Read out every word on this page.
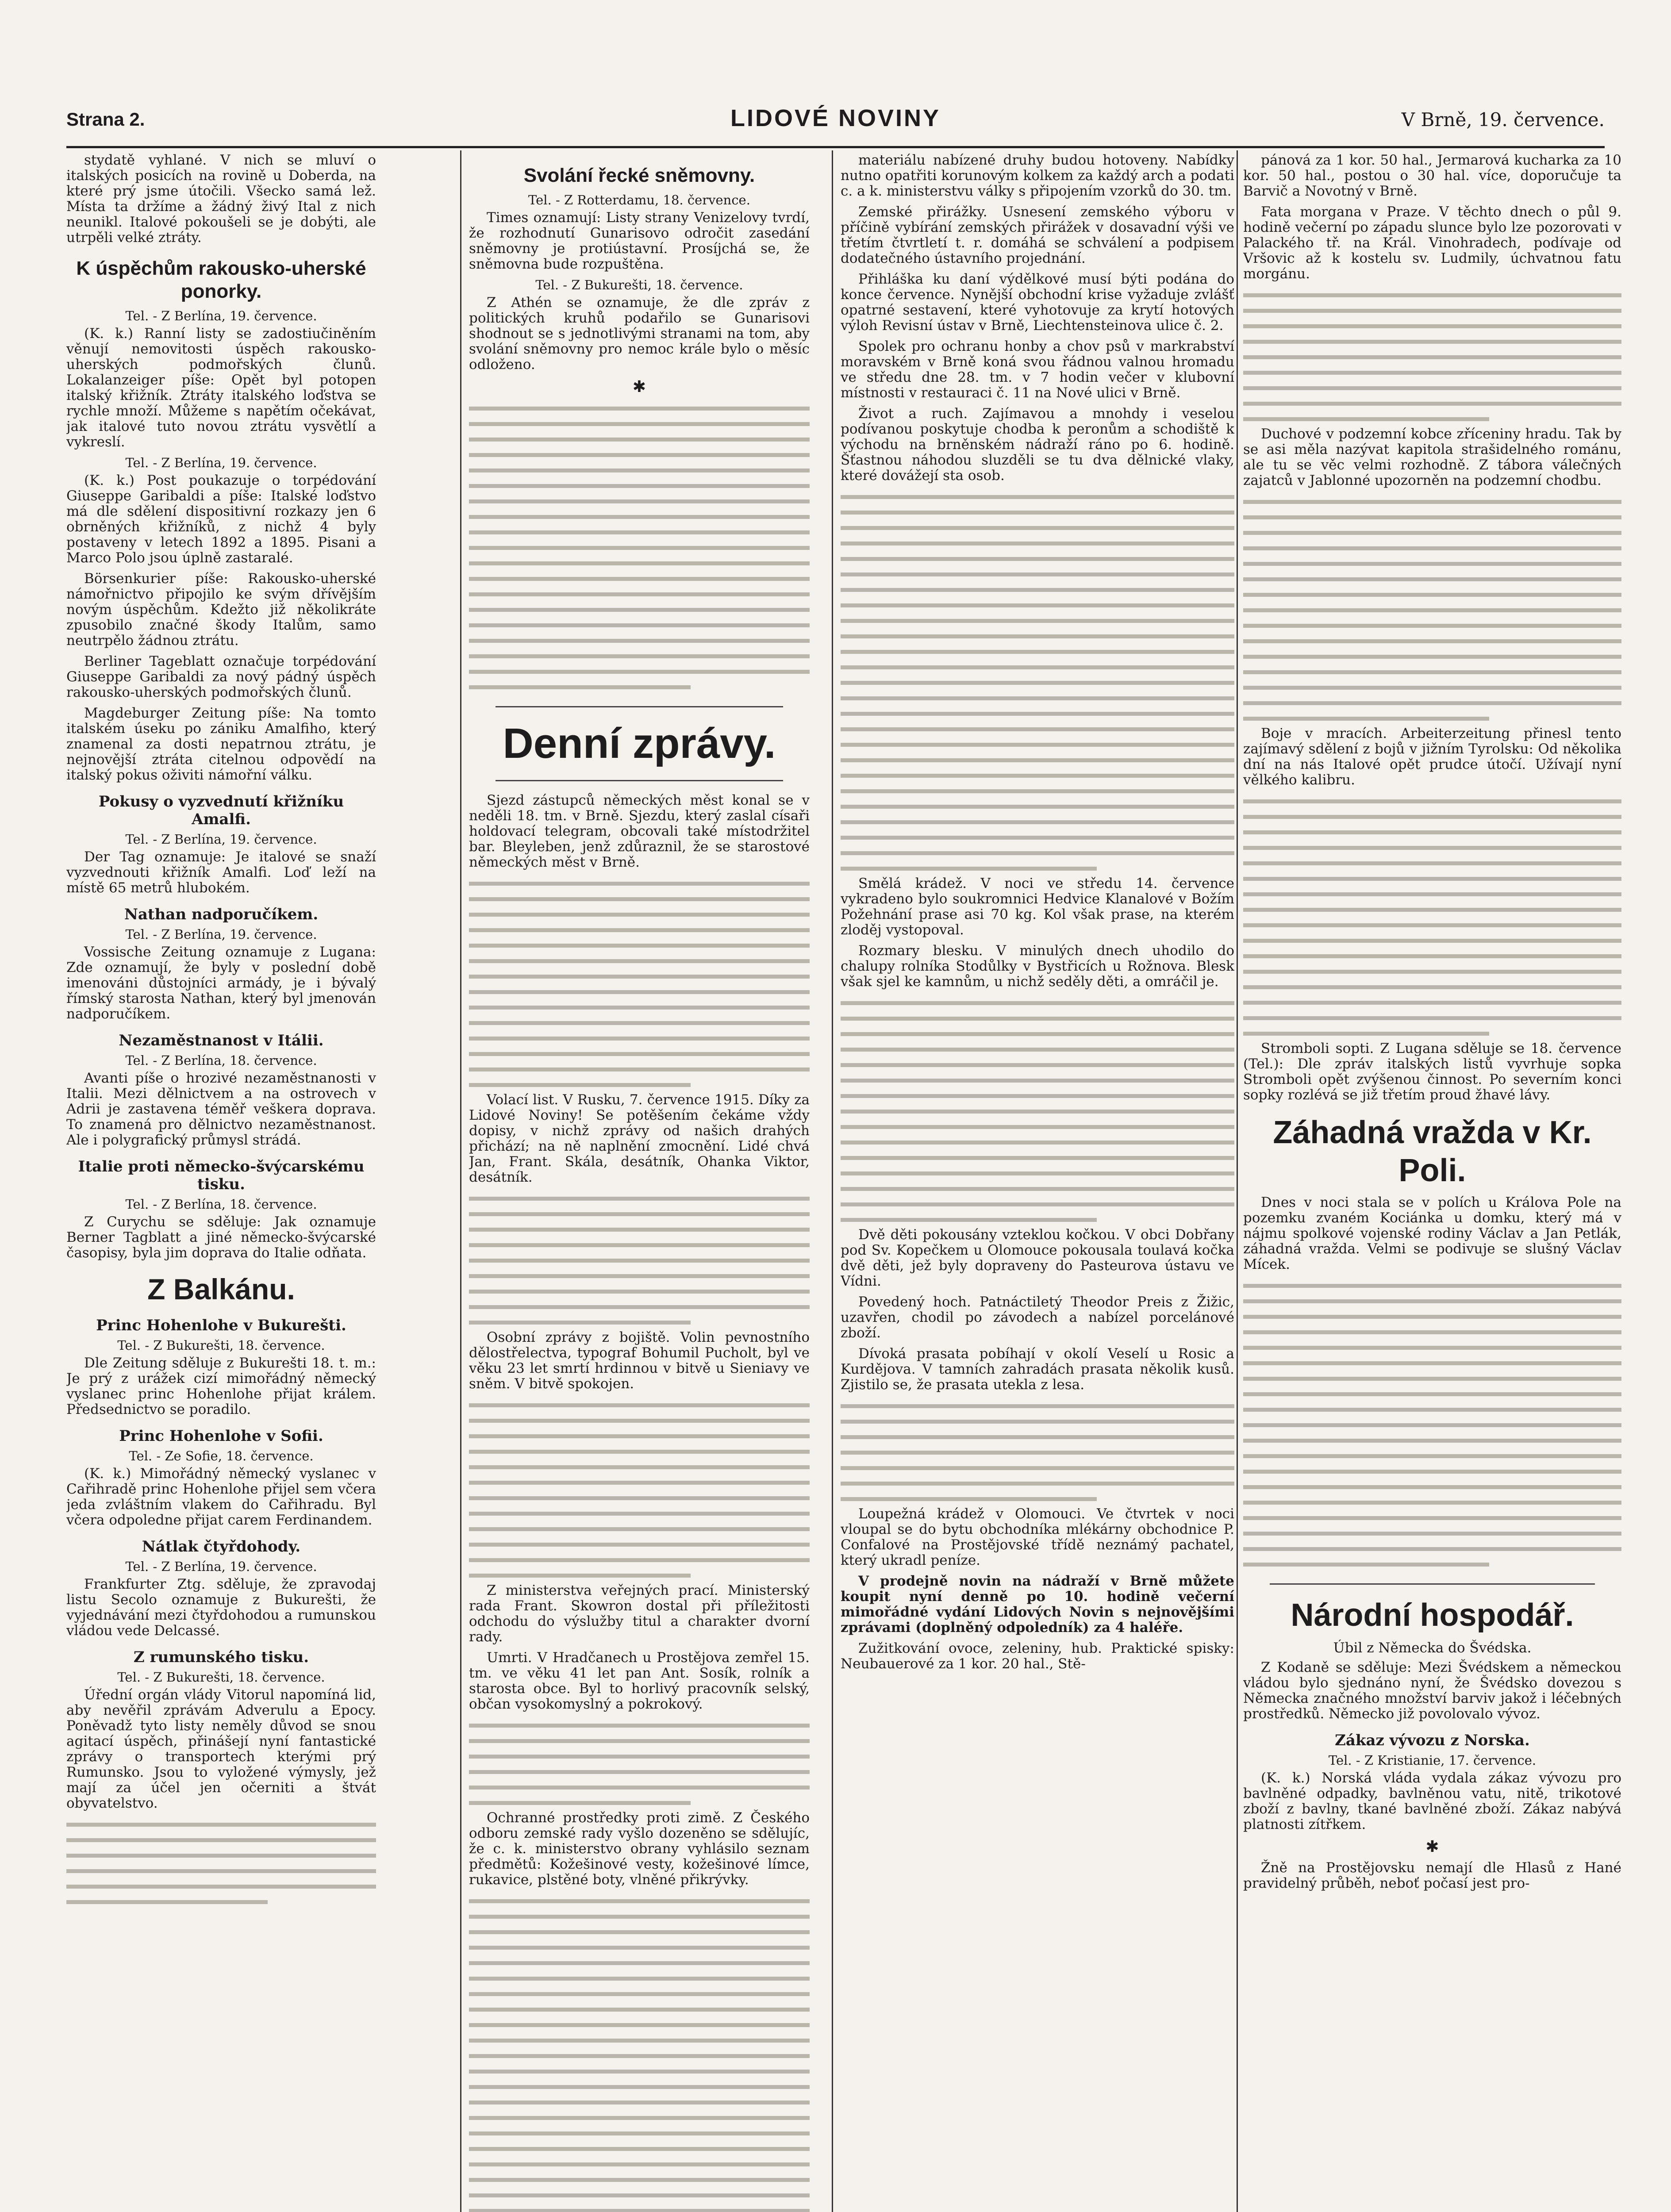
Strana 2.	LIDOVÉ NOVINY	V Brně, 19. července.

stydatě vyhlané. V nich se mluví o italských posicích na rovině u Doberda, na které prý jsme útočili. Všecko samá lež. Místa ta držíme a žádný živý Ital z nich neunikl. Italové pokoušeli se je dobýti, ale utrpěli velké ztráty.

K úspěchům rakousko-uherské ponorky.
Tel. - Z Berlína, 19. července.

(K. k.) Ranní listy se zadostiučiněním věnují nemovitosti úspěch rakousko-uherských podmořských člunů. Lokalanzeiger píše: Opět byl potopen italský křižník. Ztráty italského loďstva se rychle množí. Můžeme s napětím očekávat, jak italové tuto novou ztrátu vysvětlí a vykreslí.

Tel. - Z Berlína, 19. července.

(K. k.) Post poukazuje o torpédování Giuseppe Garibaldi a píše: Italské loďstvo má dle sdělení dispositivní rozkazy jen 6 obrněných křižníků, z nichž 4 byly postaveny v letech 1892 a 1895. Pisani a Marco Polo jsou úplně zastaralé.

Börsenkurier píše: Rakousko-uherské námořnictvo připojilo ke svým dřívějším novým úspěchům. Kdežto již několikráte zpusobilo značné škody Italům, samo neutrpělo žádnou ztrátu.

Berliner Tageblatt označuje torpédování Giuseppe Garibaldi za nový pádný úspěch rakousko-uherských podmořských člunů.

Magdeburger Zeitung píše: Na tomto italském úseku po zániku Amalfiho, který znamenal za dosti nepatrnou ztrátu, je nejnovější ztráta citelnou odpovědí na italský pokus oživiti námořní válku.

Pokusy o vyzvednutí křižníku Amalfi.
Tel. - Z Berlína, 19. července.

Der Tag oznamuje: Je italové se snaží vyzvednouti křižník Amalfi. Loď leží na místě 65 metrů hlubokém.

Nathan nadporučíkem.
Tel. - Z Berlína, 19. července.

Vossische Zeitung oznamuje z Lugana: Zde oznamují, že byly v poslední době imenováni důstojníci armády, je i bývalý římský starosta Nathan, který byl jmenován nadporučíkem.

Nezaměstnanost v Itálii.
Tel. - Z Berlína, 18. července.

Avanti píše o hrozivé nezaměstnanosti v Italii. Mezi dělnictvem a na ostrovech v Adrii je zastavena téměř veškera doprava. To znamená pro dělnictvo nezaměstnanost. Ale i polygrafický průmysl strádá.

Italie proti německo-švýcarskému tisku.
Tel. - Z Berlína, 18. července.

Z Curychu se sděluje: Jak oznamuje Berner Tagblatt a jiné německo-švýcarské časopisy, byla jim doprava do Italie odňata.

Z Balkánu.
Princ Hohenlohe v Bukurešti.
Tel. - Z Bukurešti, 18. července.

Dle Zeitung sděluje z Bukurešti 18. t. m.: Je prý z urážek cizí mimořádný německý vyslanec princ Hohenlohe přijat králem. Předsednictvo se poradilo.

Princ Hohenlohe v Sofii.
Tel. - Ze Sofie, 18. července.

(K. k.) Mimořádný německý vyslanec v Cařihradě princ Hohenlohe přijel sem včera jeda zvláštním vlakem do Cařihradu. Byl včera odpoledne přijat carem Ferdinandem.

Nátlak čtyřdohody.
Tel. - Z Berlína, 19. července.

Frankfurter Ztg. sděluje, že zpravodaj listu Secolo oznamuje z Bukurešti, že vyjednávání mezi čtyřdohodou a rumunskou vládou vede Delcassé.

Z rumunského tisku.
Tel. - Z Bukurešti, 18. července.

Úřední orgán vlády Vitorul napomíná lid, aby nevěřil zprávám Adverulu a Epocy. Poněvadž tyto listy neměly důvod se snou agitací úspěch, přinášejí nyní fantastické zprávy o transportech kterými prý Rumunsko. Jsou to vyložené výmysly, jež mají za účel jen očerniti a štvát obyvatelstvo.

Svolání řecké sněmovny.
Tel. - Z Rotterdamu, 18. července.

Times oznamují: Listy strany Venizelovy tvrdí, že rozhodnutí Gunarisovo odročit zasedání sněmovny je protiústavní. Prosíjchá se, že sněmovna bude rozpuštěna.

Tel. - Z Bukurešti, 18. července.

Z Athén se oznamuje, že dle zpráv z politických kruhů podařilo se Gunarisovi shodnout se s jednotlivými stranami na tom, aby svolání sněmovny pro nemoc krále bylo o měsíc odloženo.

✱
Denní zprávy.

Sjezd zástupců německých měst konal se v neděli 18. tm. v Brně. Sjezdu, který zaslal císaři holdovací telegram, obcovali také místodržitel bar. Bleyleben, jenž zdůraznil, že se starostové německých měst v Brně.

Volací list. V Rusku, 7. července 1915. Díky za Lidové Noviny! Se potěšením čekáme vždy dopisy, v nichž zprávy od našich drahých přichází; na ně naplnění zmocnění. Lidé chvá Jan, Frant. Skála, desátník, Ohanka Viktor, desátník.

Osobní zprávy z bojiště. Volin pevnostního dělostřelectva, typograf Bohumil Pucholt, byl ve věku 23 let smrtí hrdinnou v bitvě u Sieniavy ve sněm. V bitvě spokojen.

Z ministerstva veřejných prací. Ministerský rada Frant. Skowron dostal při příležitosti odchodu do výslužby titul a charakter dvorní rady.

Umrti. V Hradčanech u Prostějova zemřel 15. tm. ve věku 41 let pan Ant. Sosík, rolník a starosta obce. Byl to horlivý pracovník selský, občan vysokomyslný a pokrokový.

Ochranné prostředky proti zimě. Z Českého odboru zemské rady vyšlo dozeněno se sdělujíc, že c. k. ministerstvo obrany vyhlásilo seznam předmětů: Kožešinové vesty, kožešinové límce, rukavice, plstěné boty, vlněné přikrývky.

materiálu nabízené druhy budou hotoveny. Nabídky nutno opatřiti korunovým kolkem za každý arch a podati c. a k. ministerstvu války s připojením vzorků do 30. tm.

Zemské přirážky. Usnesení zemského výboru v příčině vybírání zemských přirážek v dosavadní výši ve třetím čtvrtletí t. r. domáhá se schválení a podpisem dodatečného ústavního projednání.

Přihláška ku daní výdělkové musí býti podána do konce července. Nynější obchodní krise vyžaduje zvlášť opatrné sestavení, které vyhotovuje za krytí hotových výloh Revisní ústav v Brně, Liechtensteinova ulice č. 2.

Spolek pro ochranu honby a chov psů v markrabství moravském v Brně koná svou řádnou valnou hromadu ve středu dne 28. tm. v 7 hodin večer v klubovní místnosti v restauraci č. 11 na Nové ulici v Brně.

Život a ruch. Zajímavou a mnohdy i veselou podívanou poskytuje chodba k peronům a schodiště k východu na brněnském nádraží ráno po 6. hodině. Šťastnou náhodou sluzděli se tu dva dělnické vlaky, které dovážejí sta osob.

Smělá krádež. V noci ve středu 14. července vykradeno bylo soukromnici Hedvice Klanalové v Božím Požehnání prase asi 70 kg. Kol však prase, na kterém zloděj vystopoval.

Rozmary blesku. V minulých dnech uhodilo do chalupy rolníka Stodůlky v Bystřicích u Rožnova. Blesk však sjel ke kamnům, u nichž seděly děti, a omráčil je.

Dvě děti pokousány vzteklou kočkou. V obci Dobřany pod Sv. Kopečkem u Olomouce pokousala toulavá kočka dvě děti, jež byly dopraveny do Pasteurova ústavu ve Vídni.

Povedený hoch. Patnáctiletý Theodor Preis z Žižic, uzavřen, chodil po závodech a nabízel porcelánové zboží.

Dívoká prasata pobíhají v okolí Veselí u Rosic a Kurdějova. V tamních zahradách prasata několik kusů. Zjistilo se, že prasata utekla z lesa.

Loupežná krádež v Olomouci. Ve čtvrtek v noci vloupal se do bytu obchodníka mlékárny obchodnice P. Confalové na Prostějovské třídě neznámý pachatel, který ukradl peníze.

V prodejně novin na nádraží v Brně můžete koupit nyní denně po 10. hodině večerní mimořádné vydání Lidových Novin s nejnovějšími zprávami (doplněný odpoledník) za 4 haléře.

Zužitkování ovoce, zeleniny, hub. Praktické spisky: Neubauerové za 1 kor. 20 hal., Stě-

pánová za 1 kor. 50 hal., Jermarová kucharka za 10 kor. 50 hal., postou o 30 hal. více, doporučuje ta Barvič a Novotný v Brně.

Fata morgana v Praze. V těchto dnech o půl 9. hodině večerní po západu slunce bylo lze pozorovati v Palackého tř. na Král. Vinohradech, podívaje od Vršovic až k kostelu sv. Ludmily, úchvatnou fatu morgánu.

Duchové v podzemní kobce zříceniny hradu. Tak by se asi měla nazývat kapitola strašidelného románu, ale tu se věc velmi rozhodně. Z tábora válečných zajatců v Jablonné upozorněn na podzemní chodbu.

Boje v mracích. Arbeiterzeitung přinesl tento zajímavý sdělení z bojů v jižním Tyrolsku: Od několika dní na nás Italové opět prudce útočí. Užívají nyní vělkého kalibru.

Stromboli sopti. Z Lugana sděluje se 18. července (Tel.): Dle zpráv italských listů vyvrhuje sopka Stromboli opět zvýšenou činnost. Po severním konci sopky rozlévá se již třetím proud žhavé lávy.

Záhadná vražda v Kr. Poli.

Dnes v noci stala se v polích u Králova Pole na pozemku zvaném Kociánka u domku, který má v nájmu spolkové vojenské rodiny Václav a Jan Petlák, záhadná vražda. Velmi se podivuje se slušný Václav Mícek.

Národní hospodář.
Úbil z Německa do Švédska.

Z Kodaně se sděluje: Mezi Švédskem a německou vládou bylo sjednáno nyní, že Švédsko dovezou s Německa značného množství barviv jakož i léčebných prostředků. Německo již povolovalo vývoz.

Zákaz vývozu z Norska.
Tel. - Z Kristianie, 17. července.

(K. k.) Norská vláda vydala zákaz vývozu pro bavlněné odpadky, bavlněnou vatu, nitě, trikotové zboží z bavlny, tkané bavlněné zboží. Zákaz nabývá platnosti zítřkem.

✱

Žně na Prostějovsku nemají dle Hlasů z Hané pravidelný průběh, neboť počasí jest pro-
